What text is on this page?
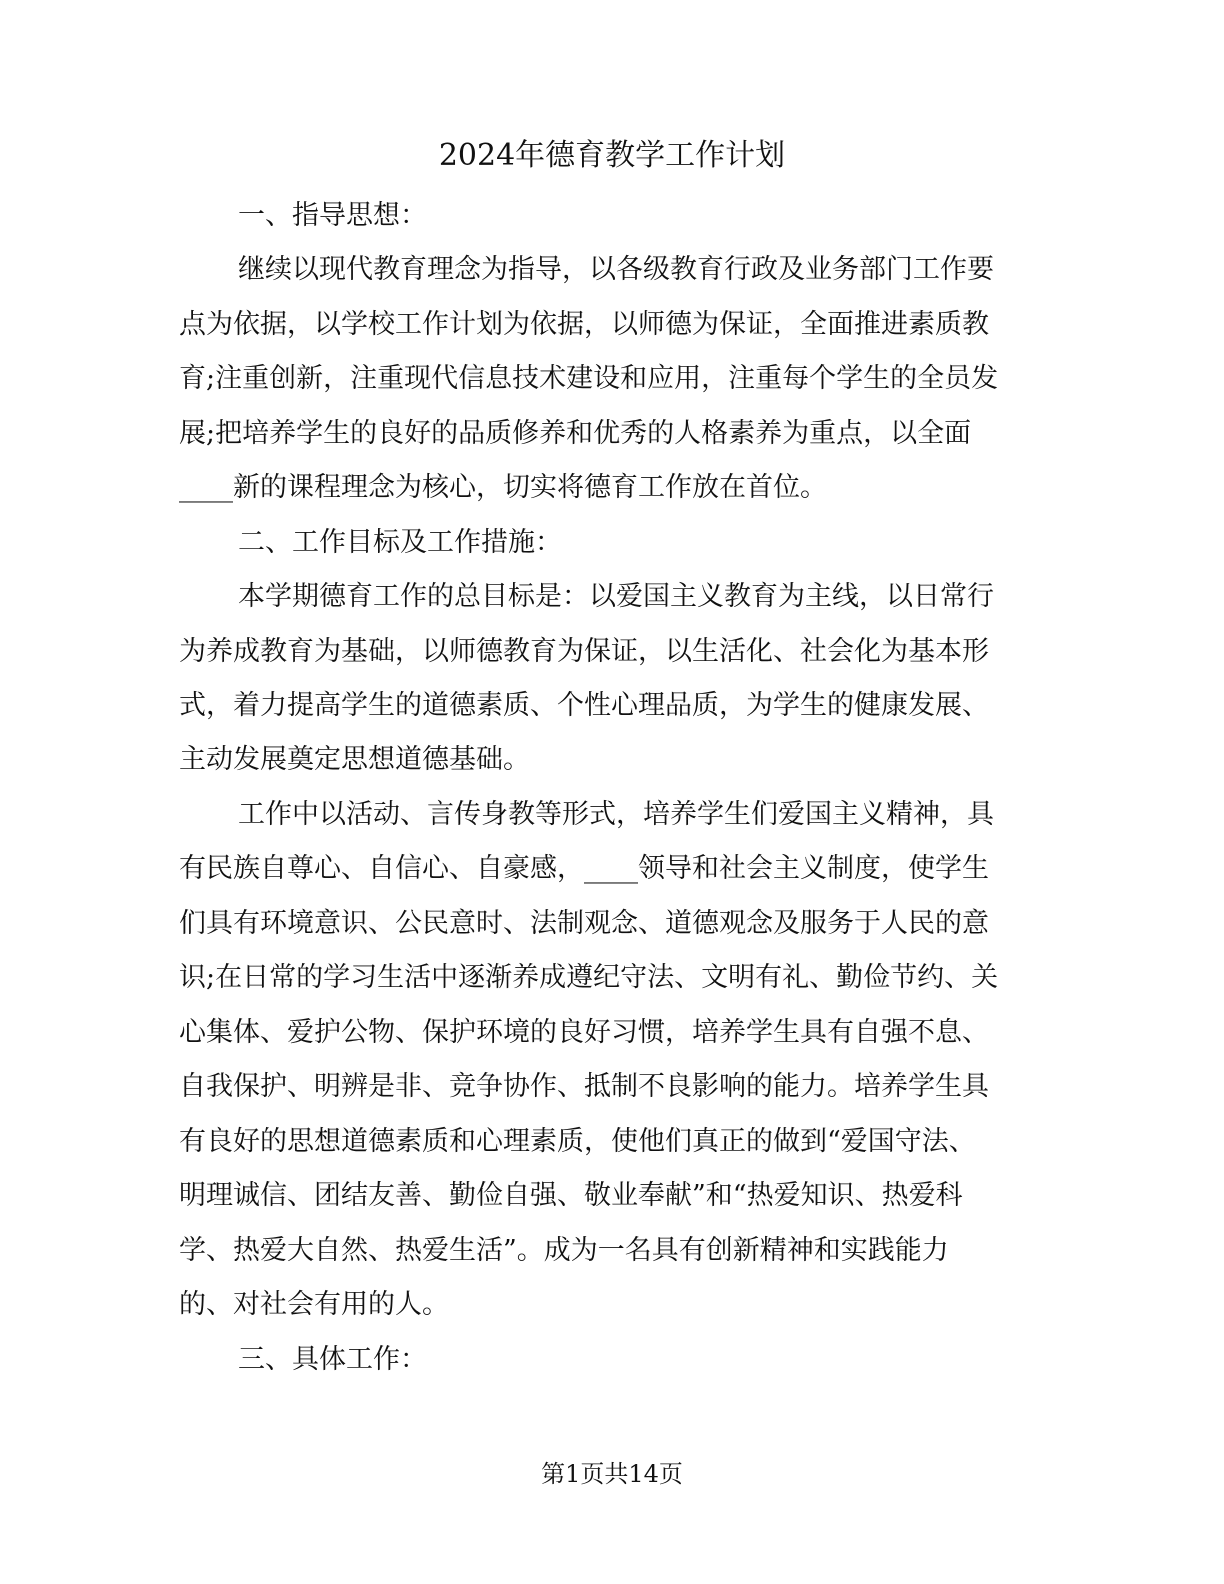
2024年德育教学工作计划
一、指导思想：
继续以现代教育理念为指导，以各级教育行政及业务部门工作要
点为依据，以学校工作计划为依据，以师德为保证，全面推进素质教
育;注重创新，注重现代信息技术建设和应用，注重每个学生的全员发
展;把培养学生的良好的品质修养和优秀的人格素养为重点，以全面
____新的课程理念为核心，切实将德育工作放在首位。
二、工作目标及工作措施：
本学期德育工作的总目标是：以爱国主义教育为主线，以日常行
为养成教育为基础，以师德教育为保证，以生活化、社会化为基本形
式，着力提高学生的道德素质、个性心理品质，为学生的健康发展、
主动发展奠定思想道德基础。
工作中以活动、言传身教等形式，培养学生们爱国主义精神，具
有民族自尊心、自信心、自豪感，____领导和社会主义制度，使学生
们具有环境意识、公民意时、法制观念、道德观念及服务于人民的意
识;在日常的学习生活中逐渐养成遵纪守法、文明有礼、勤俭节约、关
心集体、爱护公物、保护环境的良好习惯，培养学生具有自强不息、
自我保护、明辨是非、竞争协作、抵制不良影响的能力。培养学生具
有良好的思想道德素质和心理素质，使他们真正的做到“爱国守法、
明理诚信、团结友善、勤俭自强、敬业奉献”和“热爱知识、热爱科
学、热爱大自然、热爱生活”。成为一名具有创新精神和实践能力
的、对社会有用的人。
三、具体工作：
第1页共14页
